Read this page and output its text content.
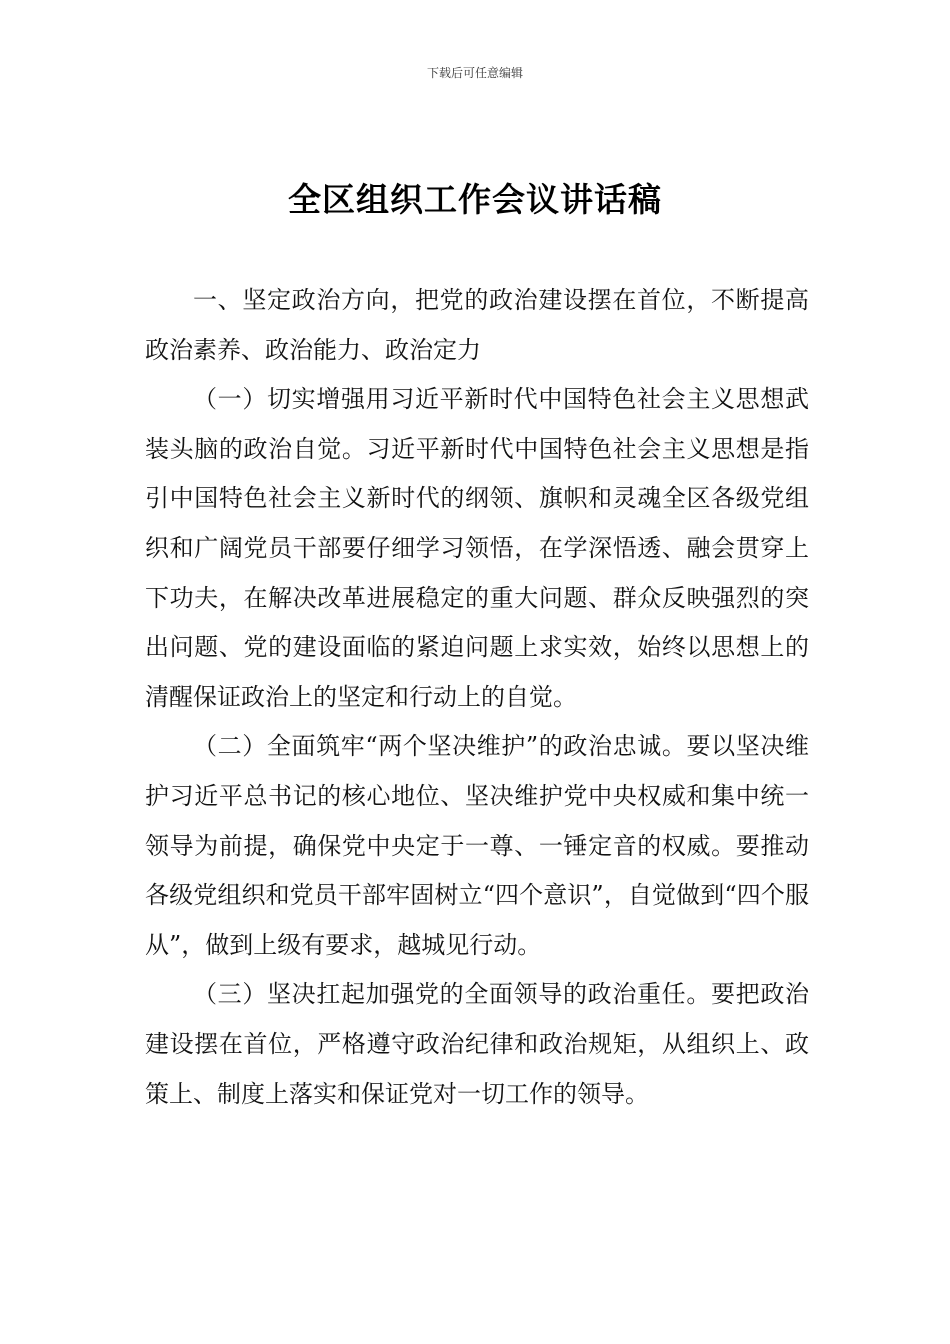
下载后可任意编辑
全区组织工作会议讲话稿

一、坚定政治方向，把党的政治建设摆在首位，不断提高政治素养、政治能力、政治定力

（一）切实增强用习近平新时代中国特色社会主义思想武装头脑的政治自觉。习近平新时代中国特色社会主义思想是指引中国特色社会主义新时代的纲领、旗帜和灵魂全区各级党组织和广阔党员干部要仔细学习领悟，在学深悟透、融会贯穿上下功夫，在解决改革进展稳定的重大问题、群众反映强烈的突出问题、党的建设面临的紧迫问题上求实效，始终以思想上的清醒保证政治上的坚定和行动上的自觉。

（二）全面筑牢“两个坚决维护”的政治忠诚。要以坚决维护习近平总书记的核心地位、坚决维护党中央权威和集中统一领导为前提，确保党中央定于一尊、一锤定音的权威。要推动各级党组织和党员干部牢固树立“四个意识”，自觉做到“四个服从”，做到上级有要求，越城见行动。

（三）坚决扛起加强党的全面领导的政治重任。要把政治建设摆在首位，严格遵守政治纪律和政治规矩，从组织上、政策上、制度上落实和保证党对一切工作的领导。
